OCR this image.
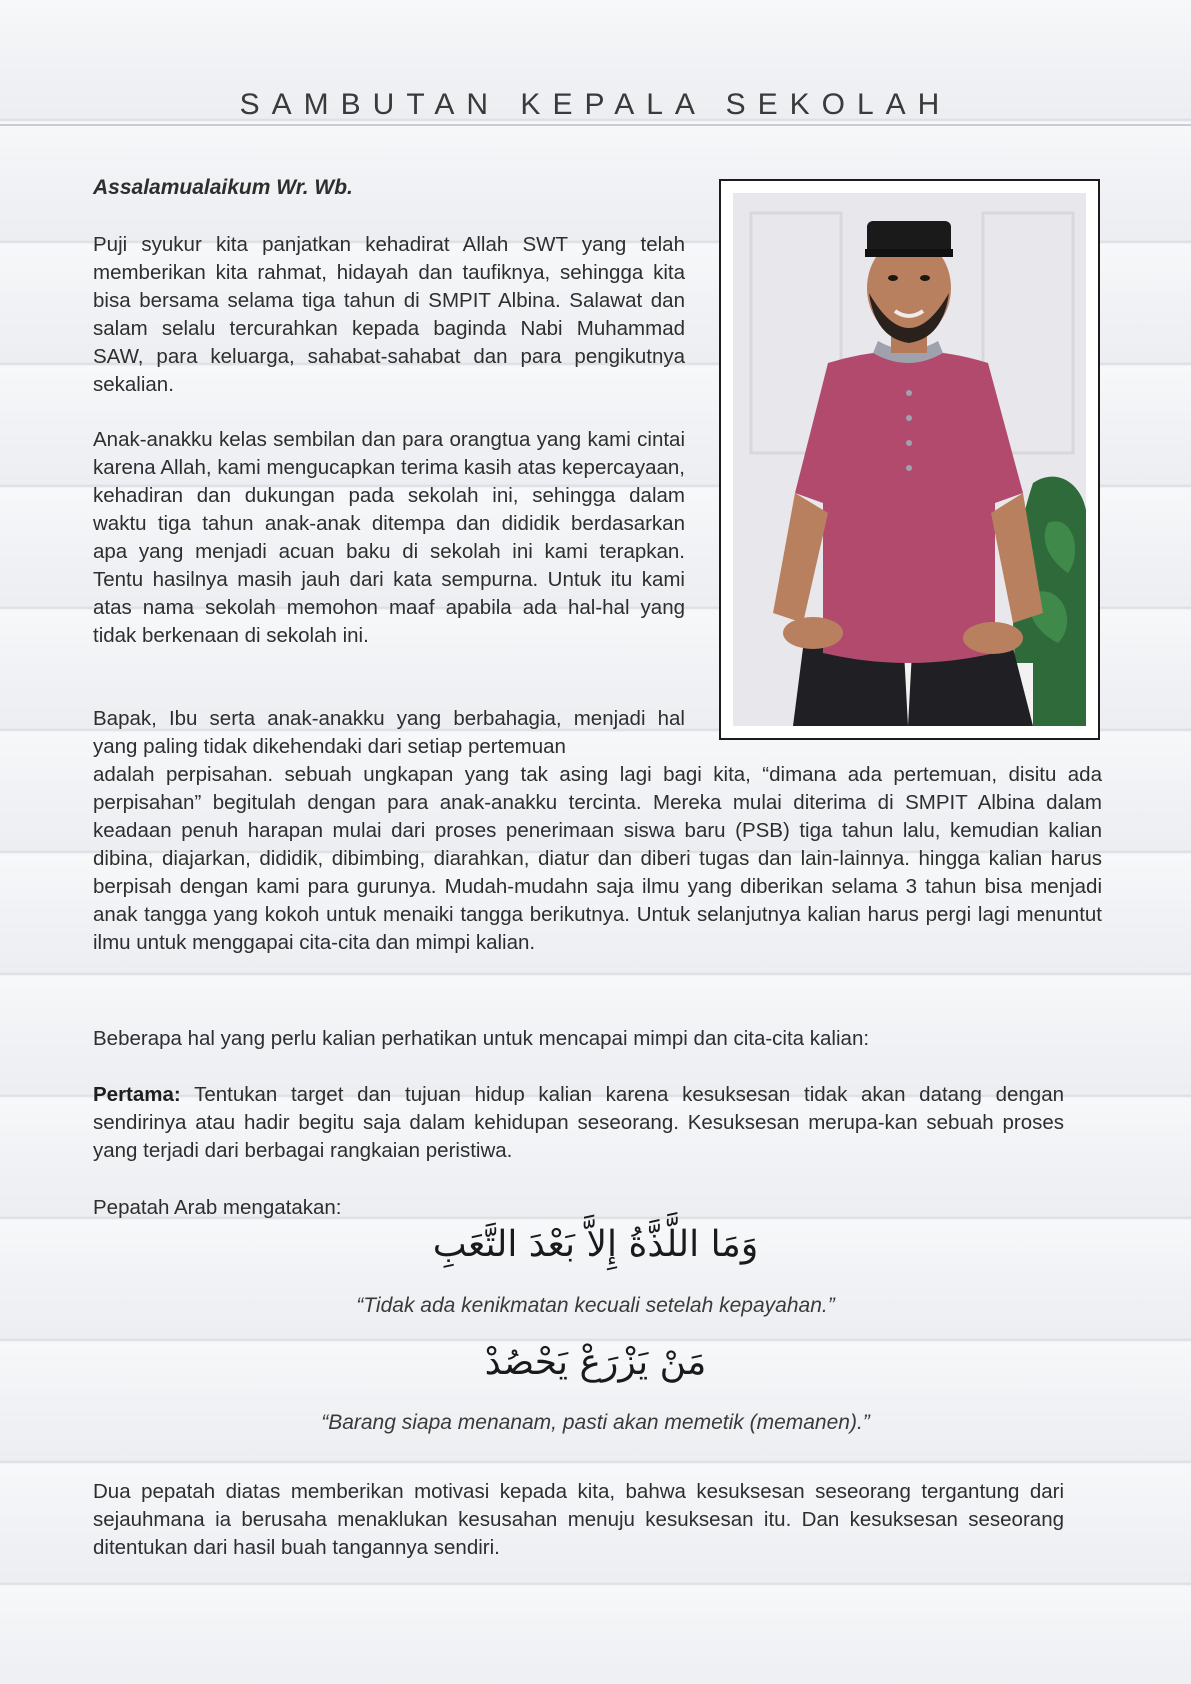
SAMBUTAN KEPALA SEKOLAH

Assalamualaikum Wr. Wb.

Puji syukur kita panjatkan kehadirat Allah SWT yang telah memberikan kita rahmat, hidayah dan taufiknya, sehingga kita bisa bersama selama tiga tahun di SMPIT Albina. Salawat dan salam selalu tercurahkan kepada baginda Nabi Muhammad SAW, para keluarga, sahabat-sahabat dan para pengikutnya sekalian.

Anak-anakku kelas sembilan dan para orangtua yang kami cintai karena Allah, kami mengucapkan terima kasih atas kepercayaan, kehadiran dan dukungan pada sekolah ini, sehingga dalam waktu tiga tahun anak-anak ditempa dan dididik berdasarkan apa yang menjadi acuan baku di sekolah ini kami terapkan. Tentu hasilnya masih jauh dari kata sempurna. Untuk itu kami atas nama sekolah memohon maaf apabila ada hal-hal yang tidak berkenaan di sekolah ini.

Bapak, Ibu serta anak-anakku yang berbahagia, menjadi hal yang paling tidak dikehendaki dari setiap pertemuan

adalah perpisahan. sebuah ungkapan yang tak asing lagi bagi kita, “dimana ada pertemuan, disitu ada perpisahan” begitulah dengan para anak-anakku tercinta. Mereka mulai diterima di SMPIT Albina dalam keadaan penuh harapan mulai dari proses penerimaan siswa baru (PSB) tiga tahun lalu, kemudian kalian dibina, diajarkan, dididik, dibimbing, diarahkan, diatur dan diberi tugas dan lain-lainnya. hingga kalian harus berpisah dengan kami para gurunya. Mudah-mudahn saja ilmu yang diberikan selama 3 tahun bisa menjadi anak tangga yang kokoh untuk menaiki tangga berikutnya. Untuk selanjutnya kalian harus pergi lagi menuntut ilmu untuk menggapai cita-cita dan mimpi kalian.

Beberapa hal yang perlu kalian perhatikan untuk mencapai mimpi dan cita-cita kalian:

Pertama: Tentukan target dan tujuan hidup kalian karena kesuksesan tidak akan datang dengan sendirinya atau hadir begitu saja dalam kehidupan seseorang. Kesuksesan merupa-kan sebuah proses yang terjadi dari berbagai rangkaian peristiwa.

Pepatah Arab mengatakan:

وَمَا اللَّذَّةُ إِلاَّ بَعْدَ التَّعَبِ
“Tidak ada kenikmatan kecuali setelah kepayahan.”
مَنْ يَزْرَعْ يَحْصُدْ
“Barang siapa menanam, pasti akan memetik (memanen).”

Dua pepatah diatas memberikan motivasi kepada kita, bahwa kesuksesan seseorang tergantung dari sejauhmana ia berusaha menaklukan kesusahan menuju kesuksesan itu. Dan kesuksesan seseorang ditentukan dari hasil buah tangannya sendiri.
